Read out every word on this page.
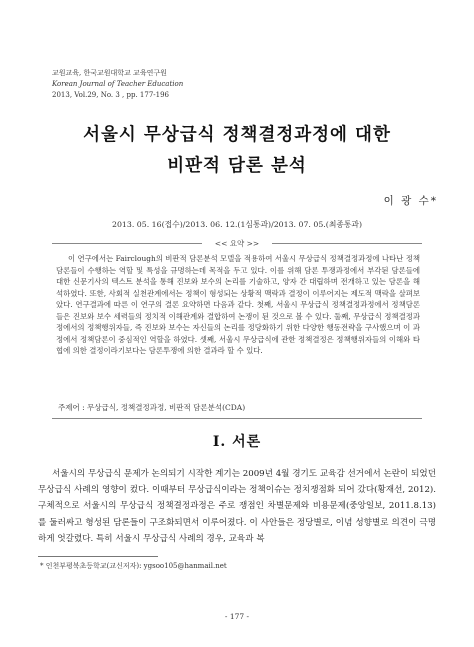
교원교육, 한국교원대학교 교육연구원
Korean Journal of Teacher Education
2013, Vol.29, No. 3 , pp. 177-196
서울시 무상급식 정책결정과정에 대한
비판적 담론 분석
이 광 수*
2013. 05. 16(접수)/2013. 06. 12.(1심통과)/2013. 07. 05.(최종통과)
<< 요약 >>

이 연구에서는 Fairclough의 비판적 담론분석 모델을 적용하여 서울시 무상급식 정책결정과정에 나타난 정책담론들이 수행하는 역할 및 특성을 규명하는데 목적을 두고 있다. 이를 위해 담론 투쟁과정에서 부각된 담론들에 대한 신문기사의 텍스트 분석을 통해 진보와 보수의 논리를 기술하고, 양자 간 대립하며 전개하고 있는 담론을 해석하였다. 또한, 사회적 실천관계에서는 정책이 형성되는 상황적 맥락과 결정이 이루어지는 제도적 맥락을 살펴보았다. 연구결과에 따른 이 연구의 결론 요약하면 다음과 같다. 첫째, 서울시 무상급식 정책결정과정에서 정책담론들은 진보와 보수 세력들의 정치적 이해관계와 결합하여 논쟁이 된 것으로 볼 수 있다. 둘째, 무상급식 정책결정과정에서의 정책행위자들, 즉 진보와 보수는 자신들의 논리를 정당화하기 위한 다양한 행동전략을 구사했으며 이 과정에서 정책담론이 중심적인 역할을 하였다. 셋째, 서울시 무상급식에 관한 정책결정은 정책행위자들의 이해와 타협에 의한 결정이라기보다는 담론투쟁에 의한 결과라 할 수 있다.

주제어 : 무상급식, 정책결정과정, 비판적 담론분석(CDA)
Ⅰ. 서론

서울시의 무상급식 문제가 논의되기 시작한 계기는 2009년 4월 경기도 교육감 선거에서 논란이 되었던 무상급식 사례의 영향이 컸다. 이때부터 무상급식이라는 정책이슈는 정치쟁점화 되어 갔다(황재선, 2012). 구체적으로 서울시의 무상급식 정책결정과정은 주로 쟁점인 차별문제와 비용문제(중앙일보, 2011.8.13)를 둘러싸고 형성된 담론들이 구조화되면서 이루어졌다. 이 사안들은 정당별로, 이념 성향별로 의견이 극명하게 엇갈렸다. 특히 서울시 무상급식 사례의 경우, 교육과 복

* 인천부평북초등학교(교신저자): ygsoo105@hanmail.net
- 177 -
